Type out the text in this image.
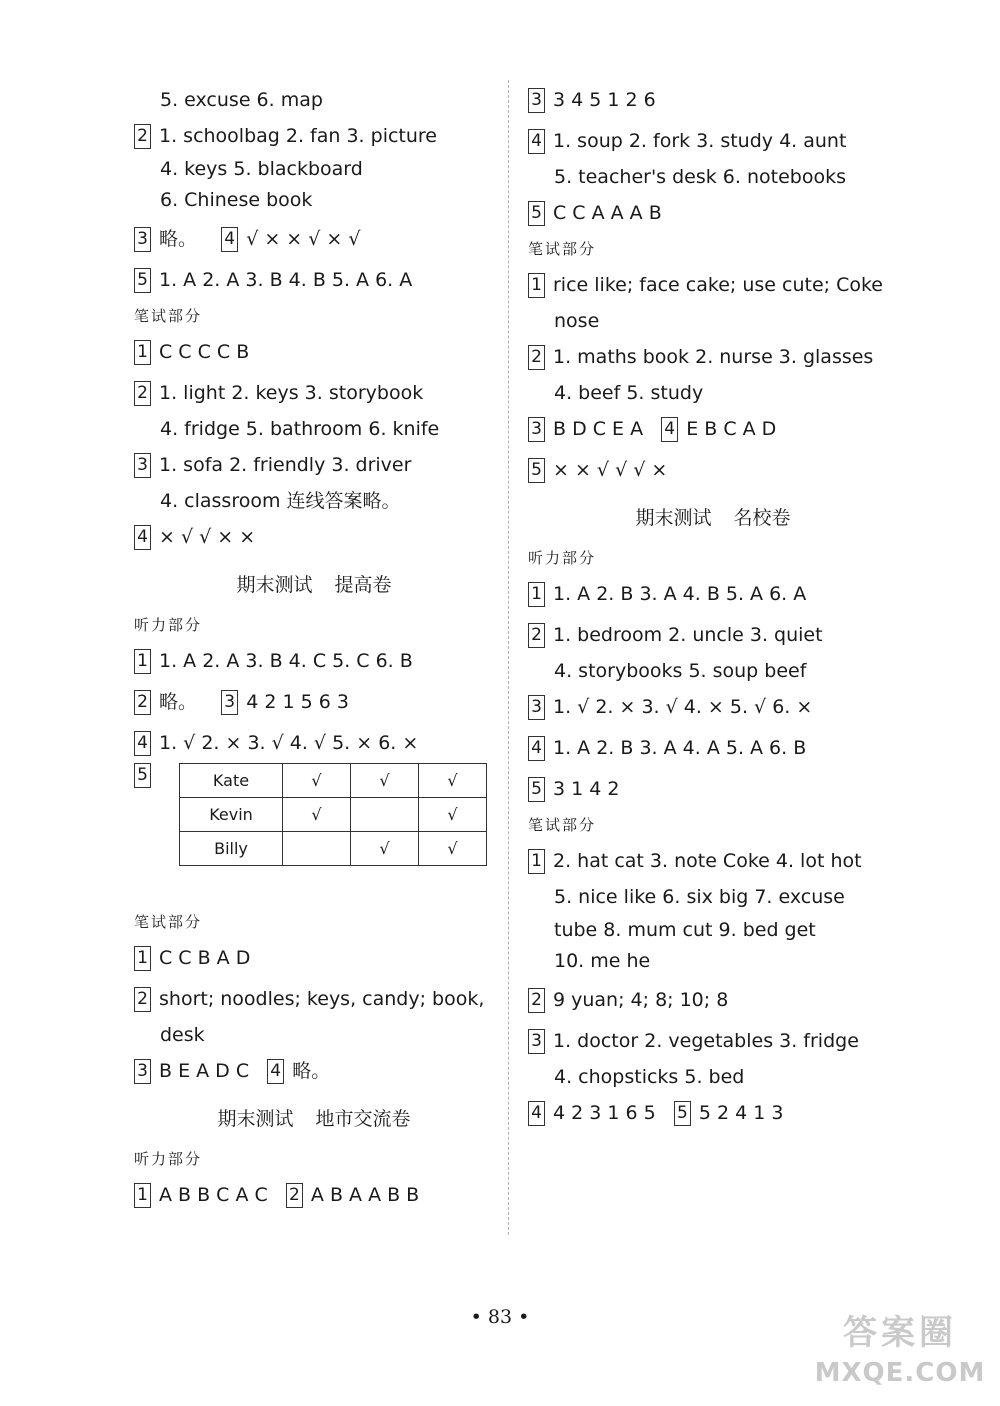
5. excuse 6. map
2 1. schoolbag 2. fan 3. picture
4. keys 5. blackboard
6. Chinese book
3 略。 4 √ × × √ × √
5 1. A 2. A 3. B 4. B 5. A 6. A
笔试部分
1 C C C C B
2 1. light 2. keys 3. storybook
4. fridge 5. bathroom 6. knife
3 1. sofa 2. friendly 3. driver
4. classroom 连线答案略。
4 × √ √ × ×
期末测试 提高卷
听力部分
1 1. A 2. A 3. B 4. C 5. C 6. B
2 略。 3 4 2 1 5 6 3
4 1. √ 2. × 3. √ 4. √ 5. × 6. ×
5	Kate	√	√	√
Kevin	√		√
Billy		√	√
笔试部分
1 C C B A D
2 short; noodles; keys, candy; book,
desk
3 B E A D C 4 略。
期末测试 地市交流卷
听力部分
1 A B B C A C 2 A B A A B B
3 3 4 5 1 2 6
4 1. soup 2. fork 3. study 4. aunt
5. teacher's desk 6. notebooks
5 C C A A A B
笔试部分
1 rice like; face cake; use cute; Coke
nose
2 1. maths book 2. nurse 3. glasses
4. beef 5. study
3 B D C E A 4 E B C A D
5 × × √ √ √ ×
期末测试 名校卷
听力部分
1 1. A 2. B 3. A 4. B 5. A 6. A
2 1. bedroom 2. uncle 3. quiet
4. storybooks 5. soup beef
3 1. √ 2. × 3. √ 4. × 5. √ 6. ×
4 1. A 2. B 3. A 4. A 5. A 6. B
5 3 1 4 2
笔试部分
1 2. hat cat 3. note Coke 4. lot hot
5. nice like 6. six big 7. excuse
tube 8. mum cut 9. bed get
10. me he
2 9 yuan; 4; 8; 10; 8
3 1. doctor 2. vegetables 3. fridge
4. chopsticks 5. bed
4 4 2 3 1 6 5 5 5 2 4 1 3
• 83 •	答案圈
MXQE.COM
